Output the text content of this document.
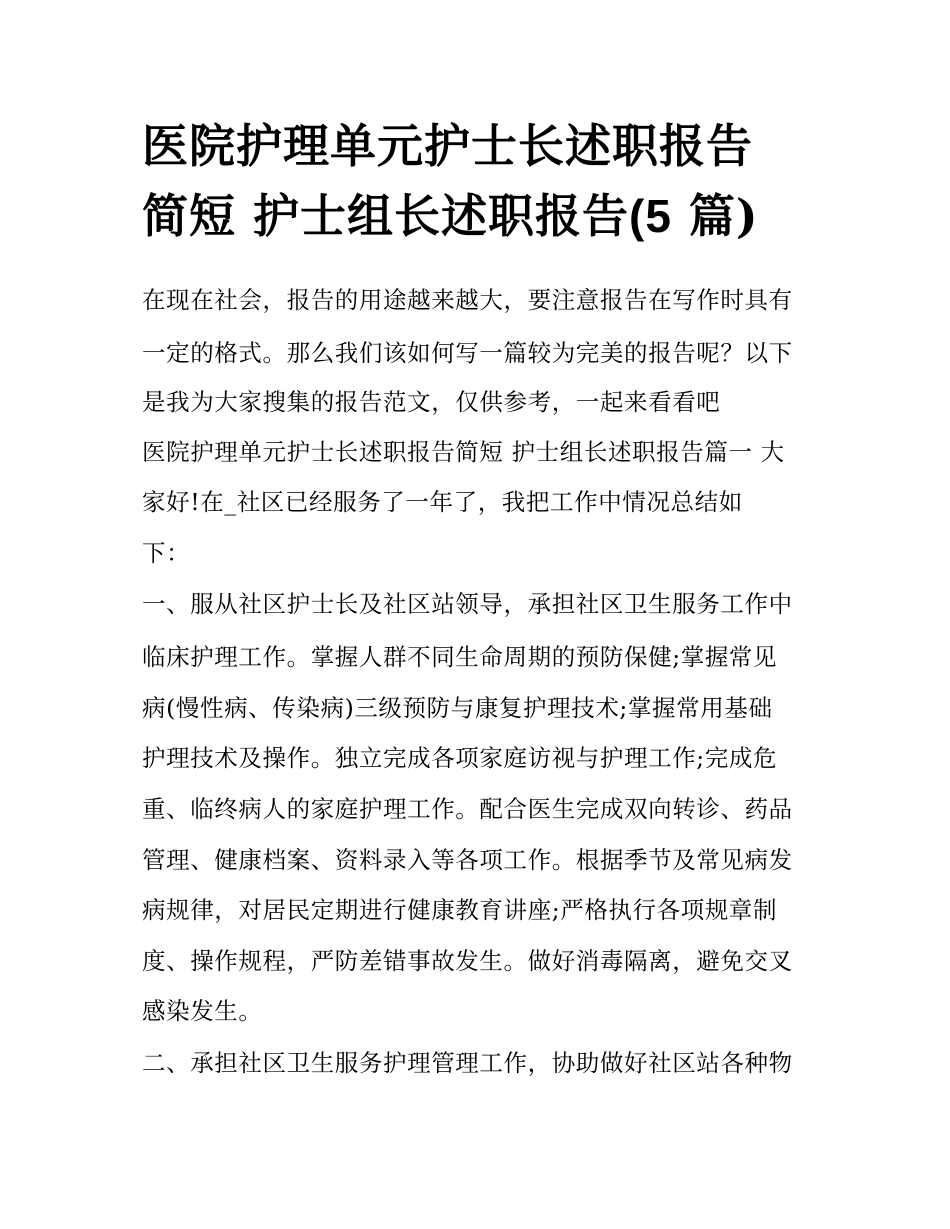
医院护理单元护士长述职报告
简短 护士组长述职报告(5 篇)

在现在社会，报告的用途越来越大，要注意报告在写作时具有

一定的格式。那么我们该如何写一篇较为完美的报告呢？以下

是我为大家搜集的报告范文，仅供参考，一起来看看吧

医院护理单元护士长述职报告简短 护士组长述职报告篇一 大

家好!在_社区已经服务了一年了，我把工作中情况总结如

下：

一、服从社区护士长及社区站领导，承担社区卫生服务工作中

临床护理工作。掌握人群不同生命周期的预防保健;掌握常见

病(慢性病、传染病)三级预防与康复护理技术;掌握常用基础

护理技术及操作。独立完成各项家庭访视与护理工作;完成危

重、临终病人的家庭护理工作。配合医生完成双向转诊、药品

管理、健康档案、资料录入等各项工作。根据季节及常见病发

病规律，对居民定期进行健康教育讲座;严格执行各项规章制

度、操作规程，严防差错事故发生。做好消毒隔离，避免交叉

感染发生。

二、承担社区卫生服务护理管理工作，协助做好社区站各种物
